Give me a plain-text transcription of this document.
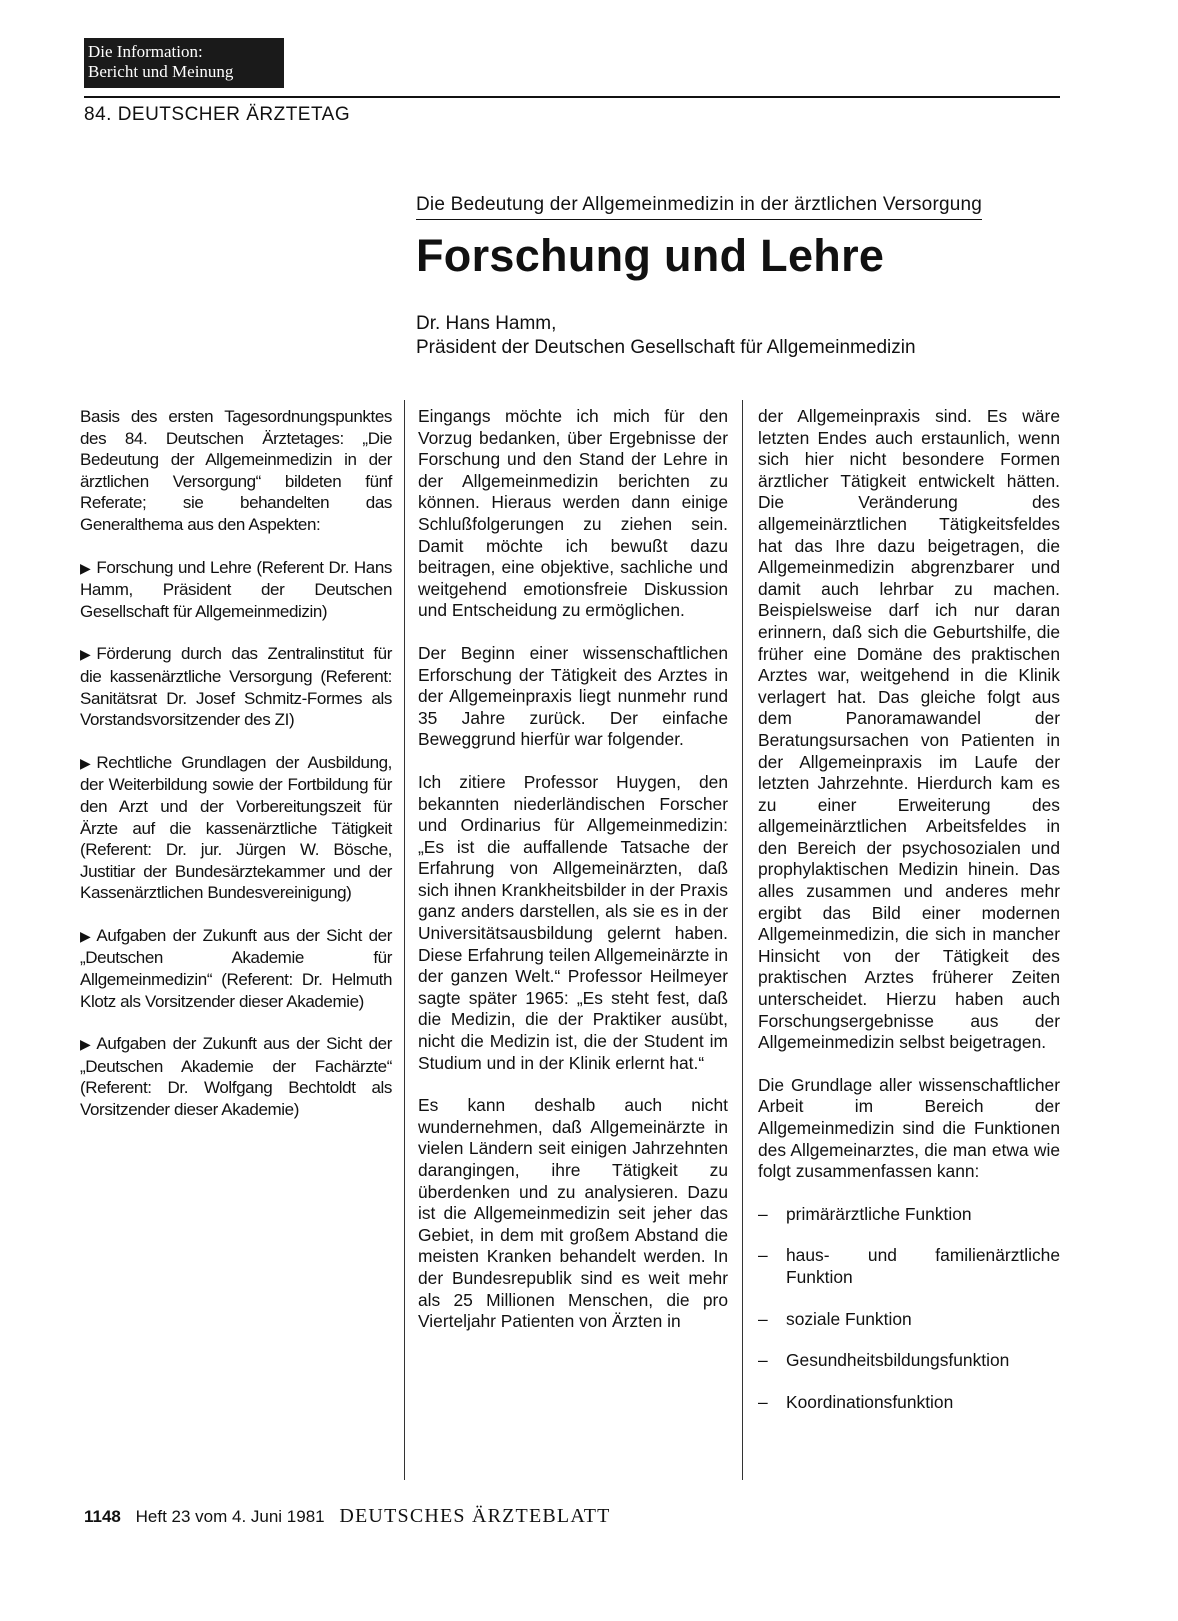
Die Information:
Bericht und Meinung
84. DEUTSCHER ÄRZTETAG
Die Bedeutung der Allgemeinmedizin in der ärztlichen Versorgung
Forschung und Lehre
Dr. Hans Hamm,
Präsident der Deutschen Gesellschaft für Allgemeinmedizin

Basis des ersten Tagesordnungspunktes des 84. Deutschen Ärztetages: „Die Bedeutung der Allgemeinmedizin in der ärztlichen Versorgung“ bildeten fünf Referate; sie behandelten das Generalthema aus den Aspekten:

▶ Forschung und Lehre (Referent Dr. Hans Hamm, Präsident der Deutschen Gesellschaft für Allgemeinmedizin)

▶ Förderung durch das Zentralinstitut für die kassenärztliche Versorgung (Referent: Sanitätsrat Dr. Josef Schmitz-Formes als Vorstandsvorsitzender des ZI)

▶ Rechtliche Grundlagen der Ausbildung, der Weiterbildung sowie der Fortbildung für den Arzt und der Vorbereitungszeit für Ärzte auf die kassenärztliche Tätigkeit (Referent: Dr. jur. Jürgen W. Bösche, Justitiar der Bundesärztekammer und der Kassenärztlichen Bundesvereinigung)

▶ Aufgaben der Zukunft aus der Sicht der „Deutschen Akademie für Allgemeinmedizin“ (Referent: Dr. Helmuth Klotz als Vorsitzender dieser Akademie)

▶ Aufgaben der Zukunft aus der Sicht der „Deutschen Akademie der Fachärzte“ (Referent: Dr. Wolfgang Bechtoldt als Vorsitzender dieser Akademie)

Eingangs möchte ich mich für den Vorzug bedanken, über Ergebnisse der Forschung und den Stand der Lehre in der Allgemeinmedizin berichten zu können. Hieraus werden dann einige Schlußfolgerungen zu ziehen sein. Damit möchte ich bewußt dazu beitragen, eine objektive, sachliche und weitgehend emotionsfreie Diskussion und Entscheidung zu ermöglichen.

Der Beginn einer wissenschaftlichen Erforschung der Tätigkeit des Arztes in der Allgemeinpraxis liegt nunmehr rund 35 Jahre zurück. Der einfache Beweggrund hierfür war folgender.

Ich zitiere Professor Huygen, den bekannten niederländischen Forscher und Ordinarius für Allgemeinmedizin: „Es ist die auffallende Tatsache der Erfahrung von Allgemeinärzten, daß sich ihnen Krankheitsbilder in der Praxis ganz anders darstellen, als sie es in der Universitätsausbildung gelernt haben. Diese Erfahrung teilen Allgemeinärzte in der ganzen Welt.“ Professor Heilmeyer sagte später 1965: „Es steht fest, daß die Medizin, die der Praktiker ausübt, nicht die Medizin ist, die der Student im Studium und in der Klinik erlernt hat.“

Es kann deshalb auch nicht wundernehmen, daß Allgemeinärzte in vielen Ländern seit einigen Jahrzehnten darangingen, ihre Tätigkeit zu überdenken und zu analysieren. Dazu ist die Allgemeinmedizin seit jeher das Gebiet, in dem mit großem Abstand die meisten Kranken behandelt werden. In der Bundesrepublik sind es weit mehr als 25 Millionen Menschen, die pro Vierteljahr Patienten von Ärzten in

der Allgemeinpraxis sind. Es wäre letzten Endes auch erstaunlich, wenn sich hier nicht besondere Formen ärztlicher Tätigkeit entwickelt hätten. Die Veränderung des allgemeinärztlichen Tätigkeitsfeldes hat das Ihre dazu beigetragen, die Allgemeinmedizin abgrenzbarer und damit auch lehrbar zu machen. Beispielsweise darf ich nur daran erinnern, daß sich die Geburtshilfe, die früher eine Domäne des praktischen Arztes war, weitgehend in die Klinik verlagert hat. Das gleiche folgt aus dem Panoramawandel der Beratungsursachen von Patienten in der Allgemeinpraxis im Laufe der letzten Jahrzehnte. Hierdurch kam es zu einer Erweiterung des allgemeinärztlichen Arbeitsfeldes in den Bereich der psychosozialen und prophylaktischen Medizin hinein. Das alles zusammen und anderes mehr ergibt das Bild einer modernen Allgemeinmedizin, die sich in mancher Hinsicht von der Tätigkeit des praktischen Arztes früherer Zeiten unterscheidet. Hierzu haben auch Forschungsergebnisse aus der Allgemeinmedizin selbst beigetragen.

Die Grundlage aller wissenschaftlicher Arbeit im Bereich der Allgemeinmedizin sind die Funktionen des Allgemeinarztes, die man etwa wie folgt zusammenfassen kann:

– primärärztliche Funktion
– haus- und familienärztliche Funktion
– soziale Funktion
– Gesundheitsbildungsfunktion
– Koordinationsfunktion
1148 Heft 23 vom 4. Juni 1981 DEUTSCHES ÄRZTEBLATT
